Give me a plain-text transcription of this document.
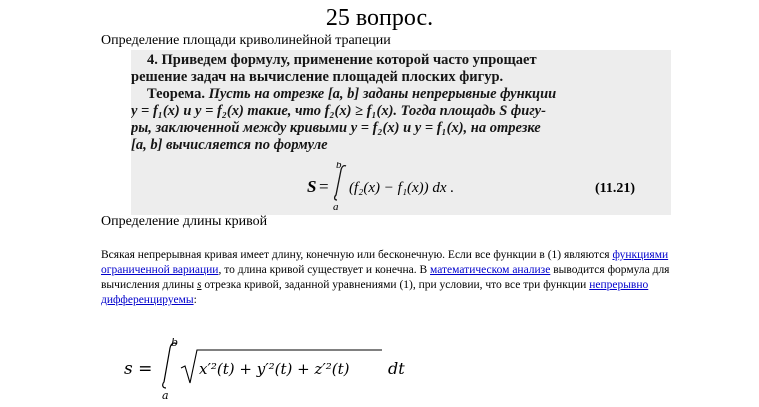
25 вопрос.
Определение площади криволинейной трапеции
4. Приведем формулу, применение которой часто упрощает
решение задач на вычисление площадей плоских фигур.
Теорема. Пусть на отрезке [a, b] заданы непрерывные функции
y = f₁(x) и y = f₂(x) такие, что f₂(x) ≥ f₁(x). Тогда площадь S фигу-
ры, заключенной между кривыми y = f₂(x) и y = f₁(x), на отрезке
[a, b] вычисляется по формуле
S =
b
a
(f₂(x) − f₁(x)) dx .	(11.21)
Определение длины кривой
Всякая непрерывная кривая имеет длину, конечную или бесконечную. Если все функции в (1) являются функциями ограниченной вариации, то длина кривой существует и конечна. В математическом анализе выводится формула для вычисления длины s отрезка кривой, заданной уравнениями (1), при условии, что все три функции непрерывно дифференцируемы:
s =
b
a
x′²(t) + y′²(t) + z′²(t) dt
